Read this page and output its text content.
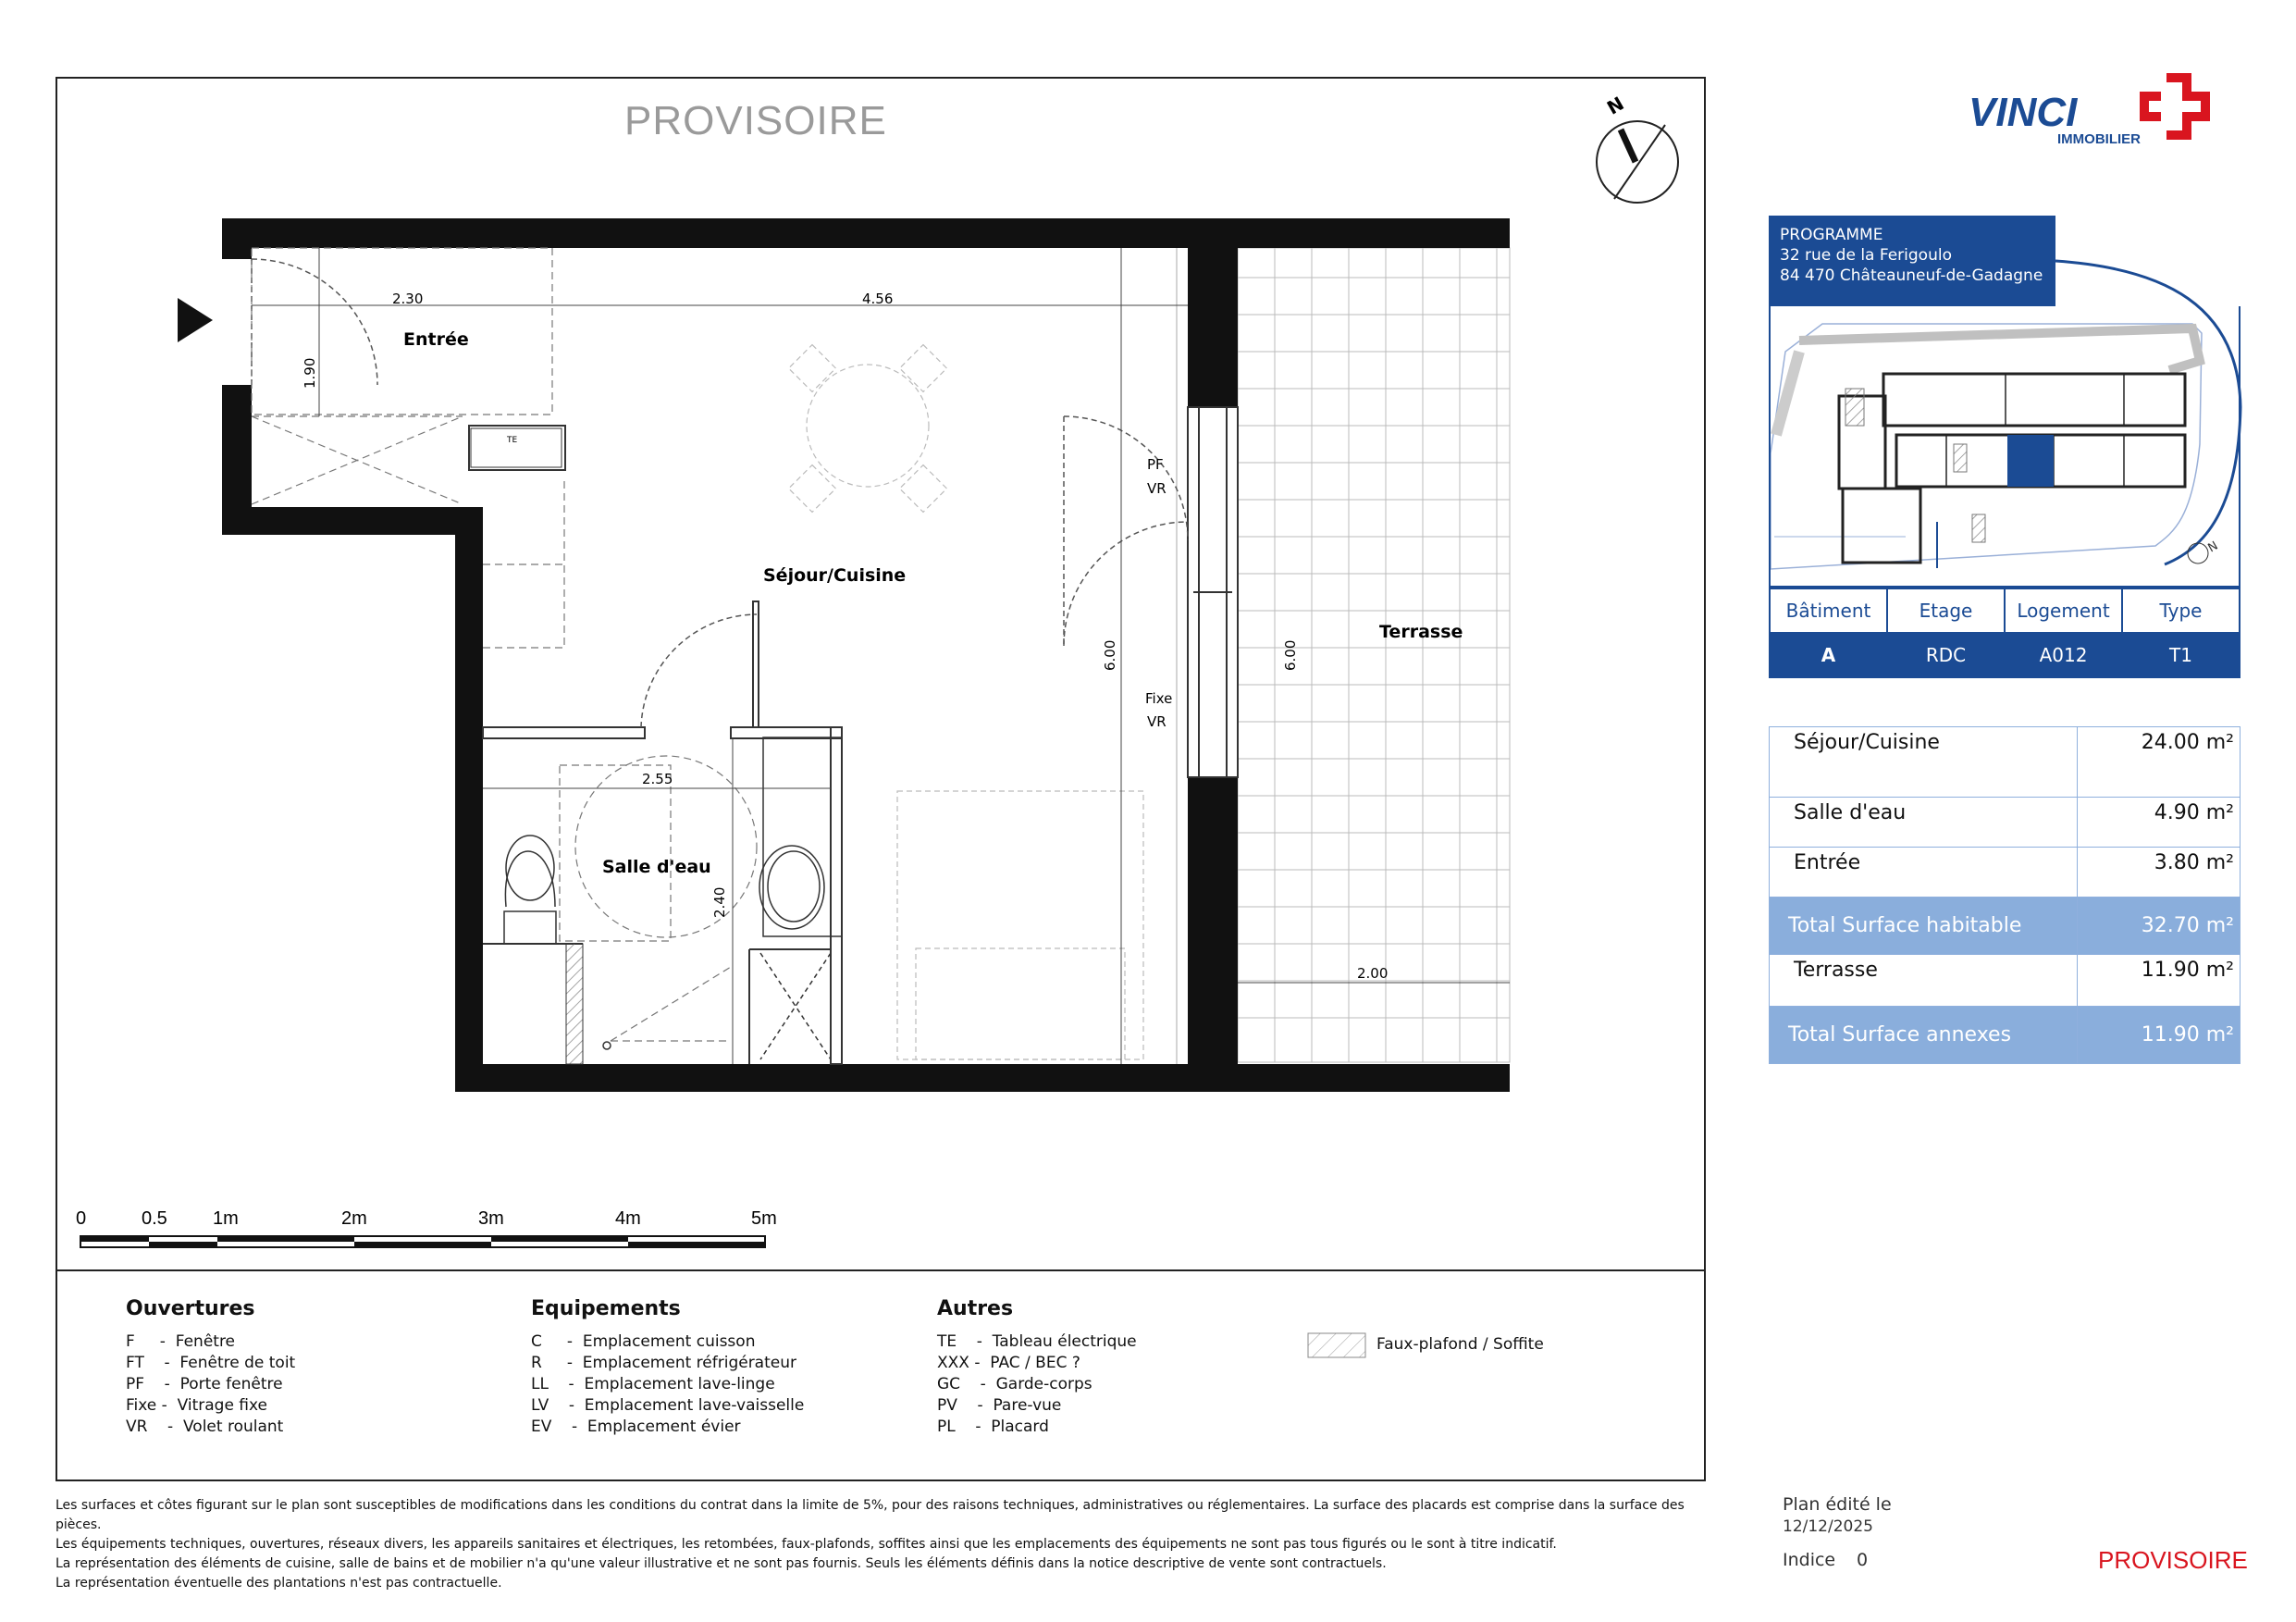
PROVISOIRE	N
TE
Entrée
Séjour/Cuisine
Salle d'eau
Terrasse
2.30	4.56
1.90
6.00	6.00
2.55
2.40
2.00
PF
VR
Fixe
VR
0	0.5 1m	2m	3m	4m	5m
VINCI
IMMOBILIER
N
PROGRAMME
32 rue de la Ferigoulo
84 470 Châteauneuf-de-Gadagne
Bâtiment	Etage	Logement	Type
A	RDC	A012	T1
Séjour/Cuisine	24.00 m²
Salle d'eau	4.90 m²
Entrée	3.80 m²
Total Surface habitable	32.70 m²
Terrasse	11.90 m²
Total Surface annexes	11.90 m²
Ouvertures
F     -  Fenêtre
FT    -  Fenêtre de toit
PF    -  Porte fenêtre
Fixe -  Vitrage fixe
VR    -  Volet roulant
Equipements
C     -  Emplacement cuisson
R     -  Emplacement réfrigérateur
LL    -  Emplacement lave-linge
LV    -  Emplacement lave-vaisselle
EV    -  Emplacement évier
Autres
TE    -  Tableau électrique
XXX -  PAC / BEC ?
GC    -  Garde-corps
PV    -  Pare-vue
PL    -  Placard
Faux-plafond / Soffite
Les surfaces et côtes figurant sur le plan sont susceptibles de modifications dans les conditions du contrat dans la limite de 5%, pour des raisons techniques, administratives ou réglementaires. La surface des placards est comprise dans la surface des pièces.
Les équipements techniques, ouvertures, réseaux divers, les appareils sanitaires et électriques, les retombées, faux-plafonds, soffites ainsi que les emplacements des équipements ne sont pas tous figurés ou le sont à titre indicatif.
La représentation des éléments de cuisine, salle de bains et de mobilier n'a qu'une valeur illustrative et ne sont pas fournis. Seuls les éléments définis dans la notice descriptive de vente sont contractuels.
La représentation éventuelle des plantations n'est pas contractuelle.
Plan édité le
12/12/2025
Indice 0	PROVISOIRE
